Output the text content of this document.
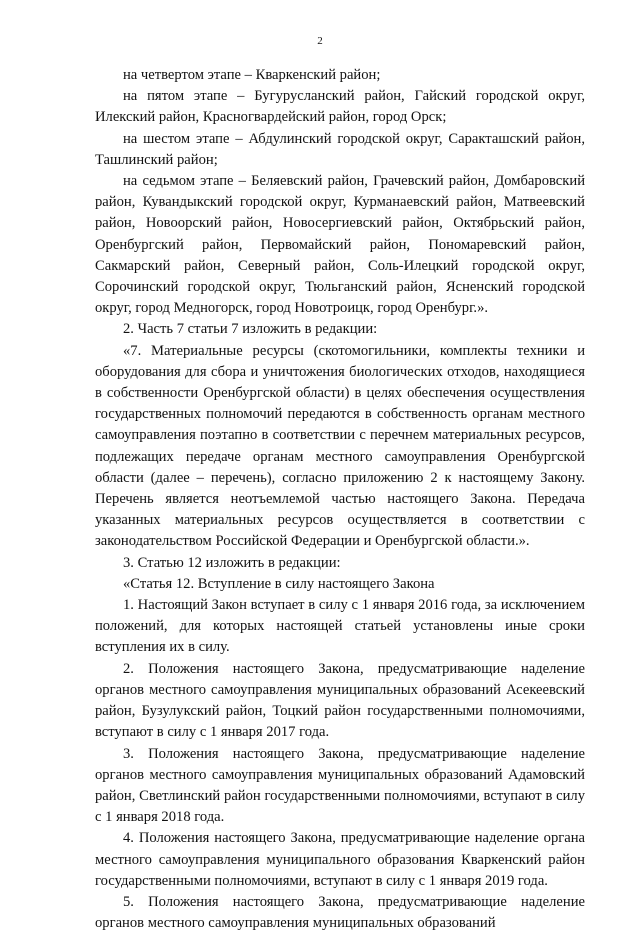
2

на четвертом этапе – Кваркенский район;

на пятом этапе – Бугурусланский район, Гайский городской округ, Илекский район, Красногвардейский район, город Орск;

на шестом этапе – Абдулинский городской округ, Саракташский район, Ташлинский район;

на седьмом этапе – Беляевский район, Грачевский район, Домбаровский район, Кувандыкский городской округ, Курманаевский район, Матвеевский район, Новоорский район, Новосергиевский район, Октябрьский район, Оренбургский район, Первомайский район, Пономаревский район, Сакмарский район, Северный район, Соль-Илецкий городской округ, Сорочинский городской округ, Тюльганский район, Ясненский городской округ, город Медногорск, город Новотроицк, город Оренбург.».

2. Часть 7 статьи 7 изложить в редакции:

«7. Материальные ресурсы (скотомогильники, комплекты техники и оборудования для сбора и уничтожения биологических отходов, находящиеся в собственности Оренбургской области) в целях обеспечения осуществления государственных полномочий передаются в собственность органам местного самоуправления поэтапно в соответствии с перечнем материальных ресурсов, подлежащих передаче органам местного самоуправления Оренбургской области (далее – перечень), согласно приложению 2 к настоящему Закону. Перечень является неотъемлемой частью настоящего Закона. Передача указанных материальных ресурсов осуществляется в соответствии с законодательством Российской Федерации и Оренбургской области.».

3. Статью 12 изложить в редакции:

«Статья 12. Вступление в силу настоящего Закона

1. Настоящий Закон вступает в силу с 1 января 2016 года, за исключением положений, для которых настоящей статьей установлены иные сроки вступления их в силу.

2. Положения настоящего Закона, предусматривающие наделение органов местного самоуправления муниципальных образований Асекеевский район, Бузулукский район, Тоцкий район государственными полномочиями, вступают в силу с 1 января 2017 года.

3. Положения настоящего Закона, предусматривающие наделение органов местного самоуправления муниципальных образований Адамовский район, Светлинский район государственными полномочиями, вступают в силу с 1 января 2018 года.

4. Положения настоящего Закона, предусматривающие наделение органа местного самоуправления муниципального образования Кваркенский район государственными полномочиями, вступают в силу с 1 января 2019 года.

5. Положения настоящего Закона, предусматривающие наделение органов местного самоуправления муниципальных образований
